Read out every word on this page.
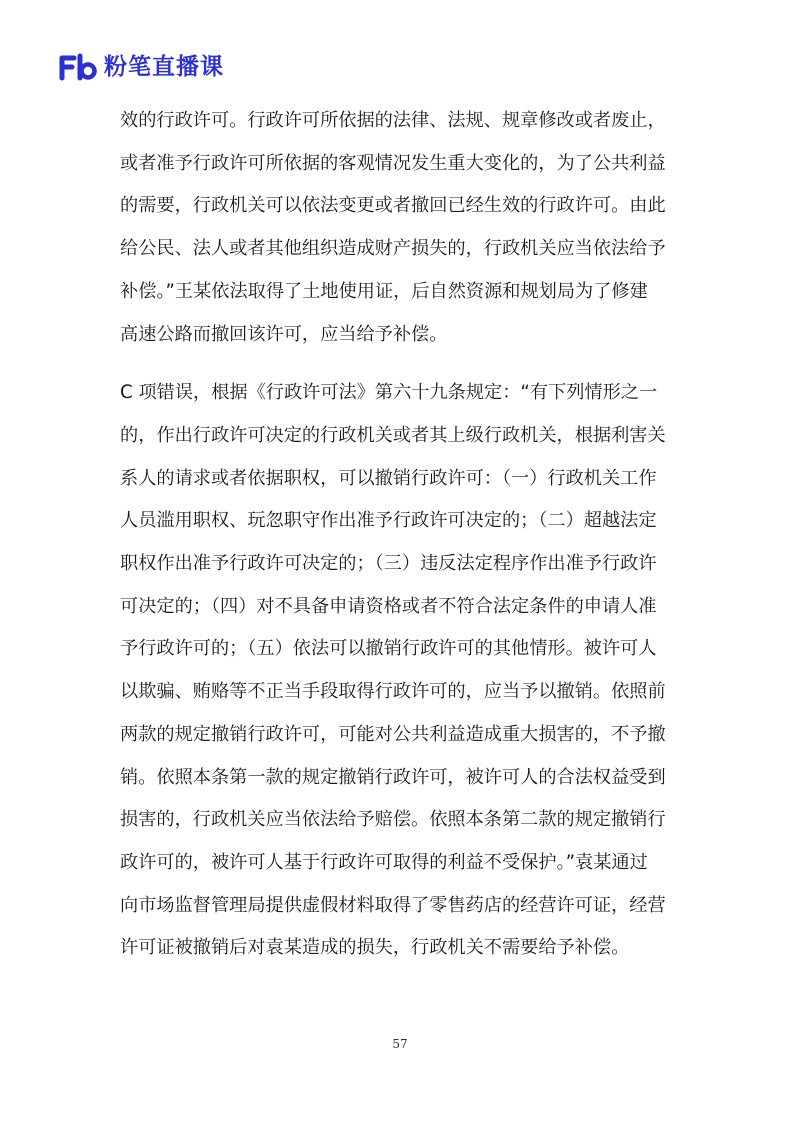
粉笔直播课

效的行政许可。行政许可所依据的法律、法规、规章修改或者废止，
或者准予行政许可所依据的客观情况发生重大变化的，为了公共利益
的需要，行政机关可以依法变更或者撤回已经生效的行政许可。由此
给公民、法人或者其他组织造成财产损失的，行政机关应当依法给予
补偿。”王某依法取得了土地使用证，后自然资源和规划局为了修建
高速公路而撤回该许可，应当给予补偿。

C 项错误，根据《行政许可法》第六十九条规定：“有下列情形之一
的，作出行政许可决定的行政机关或者其上级行政机关，根据利害关
系人的请求或者依据职权，可以撤销行政许可：（一）行政机关工作
人员滥用职权、玩忽职守作出准予行政许可决定的；（二）超越法定
职权作出准予行政许可决定的；（三）违反法定程序作出准予行政许
可决定的；（四）对不具备申请资格或者不符合法定条件的申请人准
予行政许可的；（五）依法可以撤销行政许可的其他情形。被许可人
以欺骗、贿赂等不正当手段取得行政许可的，应当予以撤销。依照前
两款的规定撤销行政许可，可能对公共利益造成重大损害的，不予撤
销。依照本条第一款的规定撤销行政许可，被许可人的合法权益受到
损害的，行政机关应当依法给予赔偿。依照本条第二款的规定撤销行
政许可的，被许可人基于行政许可取得的利益不受保护。”袁某通过
向市场监督管理局提供虚假材料取得了零售药店的经营许可证，经营
许可证被撤销后对袁某造成的损失，行政机关不需要给予补偿。

57
